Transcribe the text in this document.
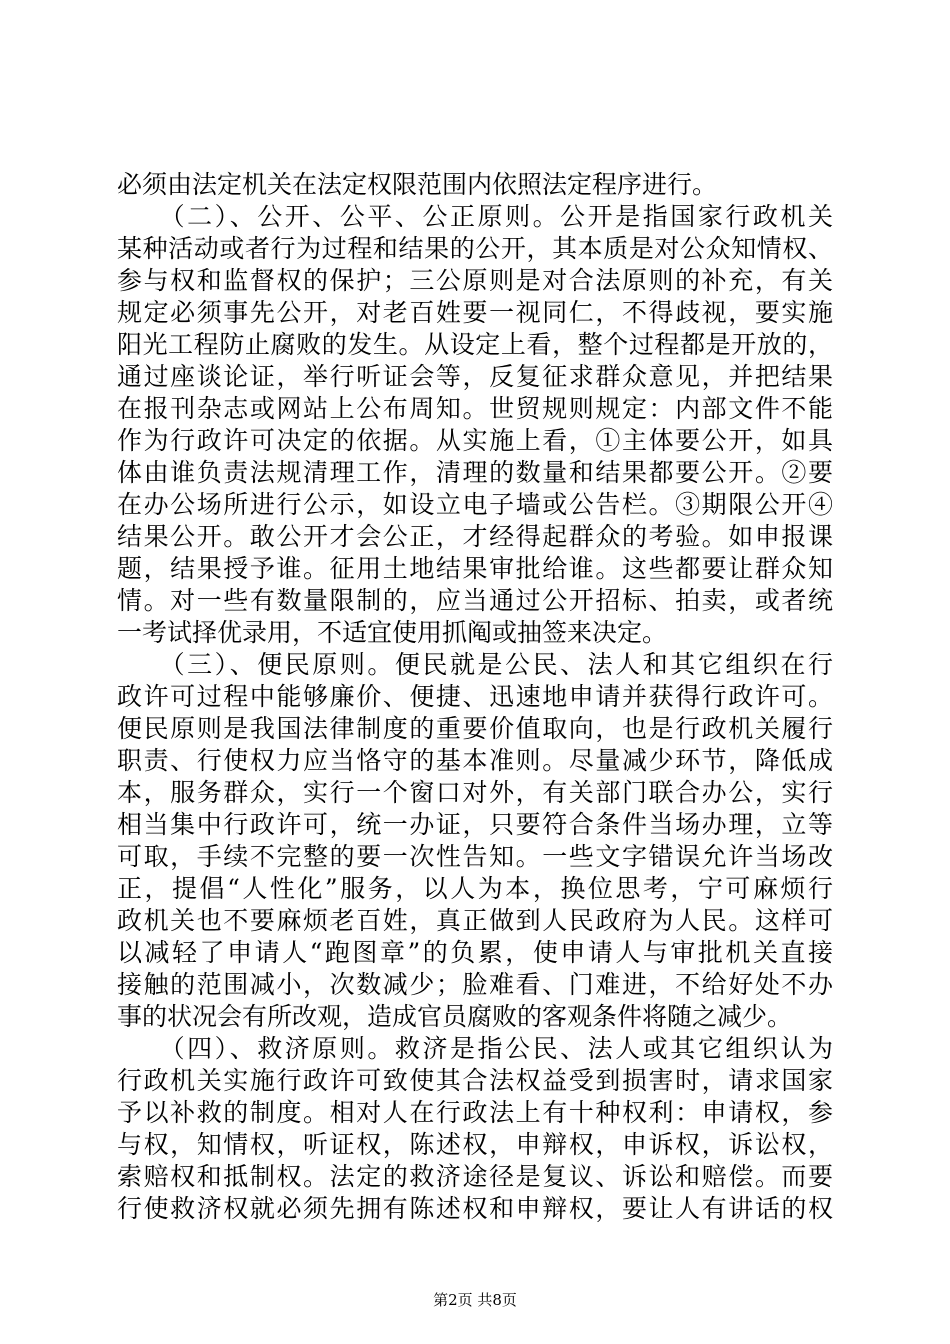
必须由法定机关在法定权限范围内依照法定程序进行。
　　（二）、公开、公平、公正原则。公开是指国家行政机关
某种活动或者行为过程和结果的公开，其本质是对公众知情权、
参与权和监督权的保护；三公原则是对合法原则的补充，有关
规定必须事先公开，对老百姓要一视同仁，不得歧视，要实施
阳光工程防止腐败的发生。从设定上看，整个过程都是开放的，
通过座谈论证，举行听证会等，反复征求群众意见，并把结果
在报刊杂志或网站上公布周知。世贸规则规定：内部文件不能
作为行政许可决定的依据。从实施上看，①主体要公开，如具
体由谁负责法规清理工作，清理的数量和结果都要公开。②要
在办公场所进行公示，如设立电子墙或公告栏。③期限公开④
结果公开。敢公开才会公正，才经得起群众的考验。如申报课
题，结果授予谁。征用土地结果审批给谁。这些都要让群众知
情。对一些有数量限制的，应当通过公开招标、拍卖，或者统
一考试择优录用，不适宜使用抓阄或抽签来决定。
　　（三）、便民原则。便民就是公民、法人和其它组织在行
政许可过程中能够廉价、便捷、迅速地申请并获得行政许可。
便民原则是我国法律制度的重要价值取向，也是行政机关履行
职责、行使权力应当恪守的基本准则。尽量减少环节，降低成
本，服务群众，实行一个窗口对外，有关部门联合办公，实行
相当集中行政许可，统一办证，只要符合条件当场办理，立等
可取，手续不完整的要一次性告知。一些文字错误允许当场改
正，提倡“人性化”服务，以人为本，换位思考，宁可麻烦行
政机关也不要麻烦老百姓，真正做到人民政府为人民。这样可
以减轻了申请人“跑图章”的负累，使申请人与审批机关直接
接触的范围减小，次数减少；脸难看、门难进，不给好处不办
事的状况会有所改观，造成官员腐败的客观条件将随之减少。
　　（四）、救济原则。救济是指公民、法人或其它组织认为
行政机关实施行政许可致使其合法权益受到损害时，请求国家
予以补救的制度。相对人在行政法上有十种权利：申请权，参
与权，知情权，听证权，陈述权，申辩权，申诉权，诉讼权，
索赔权和抵制权。法定的救济途径是复议、诉讼和赔偿。而要
行使救济权就必须先拥有陈述权和申辩权，要让人有讲话的权
第2页 共8页
